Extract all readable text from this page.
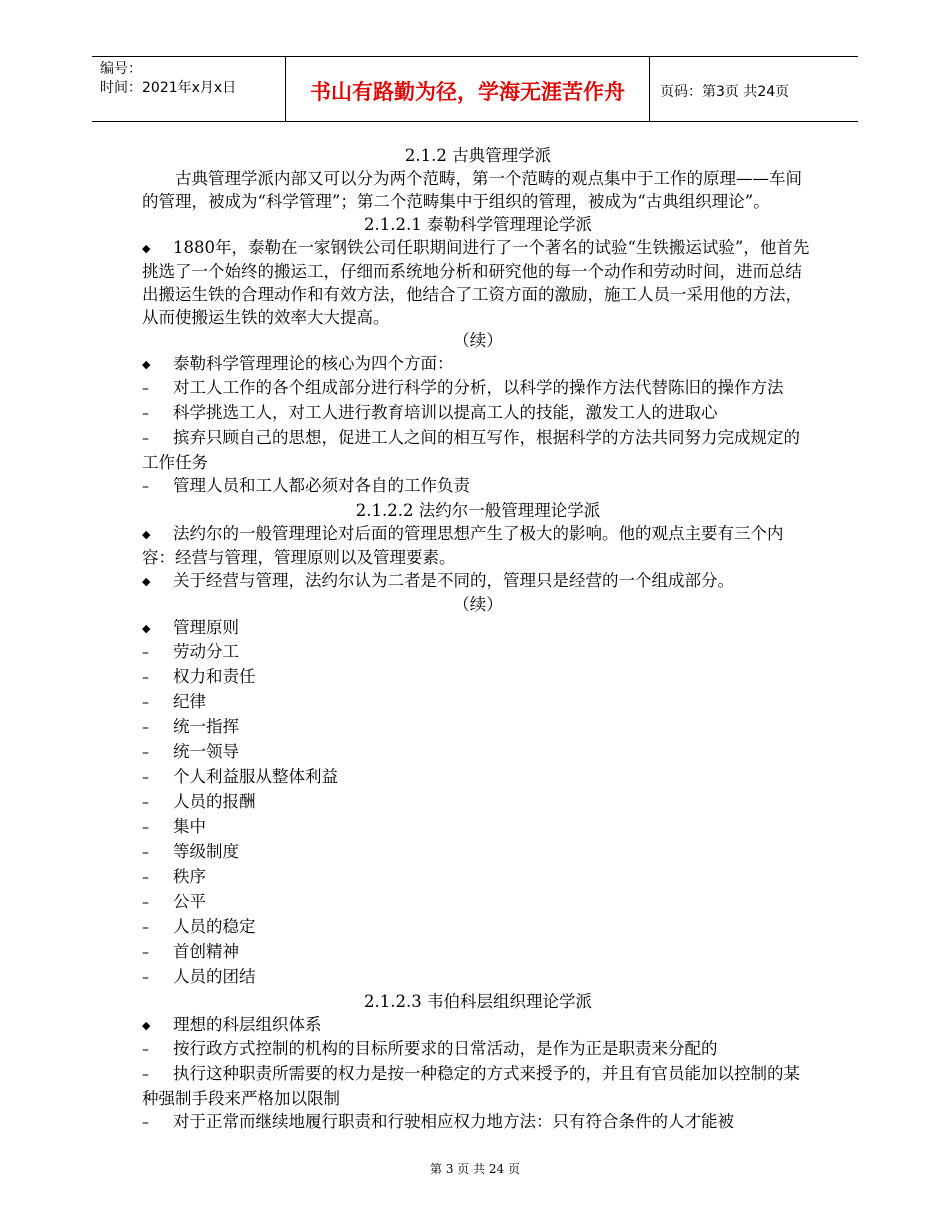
编号：
时间：2021年x月x日	书山有路勤为径，学海无涯苦作舟	页码：第3页 共24页

2.1.2 古典管理学派

古典管理学派内部又可以分为两个范畴，第一个范畴的观点集中于工作的原理——车间的管理，被成为“科学管理”；第二个范畴集中于组织的管理，被成为“古典组织理论”。

2.1.2.1 泰勒科学管理理论学派

◆ 1880年，泰勒在一家钢铁公司任职期间进行了一个著名的试验“生铁搬运试验”，他首先挑选了一个始终的搬运工，仔细而系统地分析和研究他的每一个动作和劳动时间，进而总结出搬运生铁的合理动作和有效方法，他结合了工资方面的激励，施工人员一采用他的方法，从而使搬运生铁的效率大大提高。

（续）

◆ 泰勒科学管理理论的核心为四个方面：

– 对工人工作的各个组成部分进行科学的分析，以科学的操作方法代替陈旧的操作方法

– 科学挑选工人，对工人进行教育培训以提高工人的技能，激发工人的进取心

– 摈弃只顾自己的思想，促进工人之间的相互写作，根据科学的方法共同努力完成规定的工作任务

– 管理人员和工人都必须对各自的工作负责

2.1.2.2 法约尔一般管理理论学派

◆ 法约尔的一般管理理论对后面的管理思想产生了极大的影响。他的观点主要有三个内容：经营与管理，管理原则以及管理要素。

◆ 关于经营与管理，法约尔认为二者是不同的，管理只是经营的一个组成部分。

（续）

◆ 管理原则

– 劳动分工

– 权力和责任

– 纪律

– 统一指挥

– 统一领导

– 个人利益服从整体利益

– 人员的报酬

– 集中

– 等级制度

– 秩序

– 公平

– 人员的稳定

– 首创精神

– 人员的团结

2.1.2.3 韦伯科层组织理论学派

◆ 理想的科层组织体系

– 按行政方式控制的机构的目标所要求的日常活动，是作为正是职责来分配的

– 执行这种职责所需要的权力是按一种稳定的方式来授予的，并且有官员能加以控制的某种强制手段来严格加以限制

– 对于正常而继续地履行职责和行驶相应权力地方法：只有符合条件的人才能被

第 3 页 共 24 页
